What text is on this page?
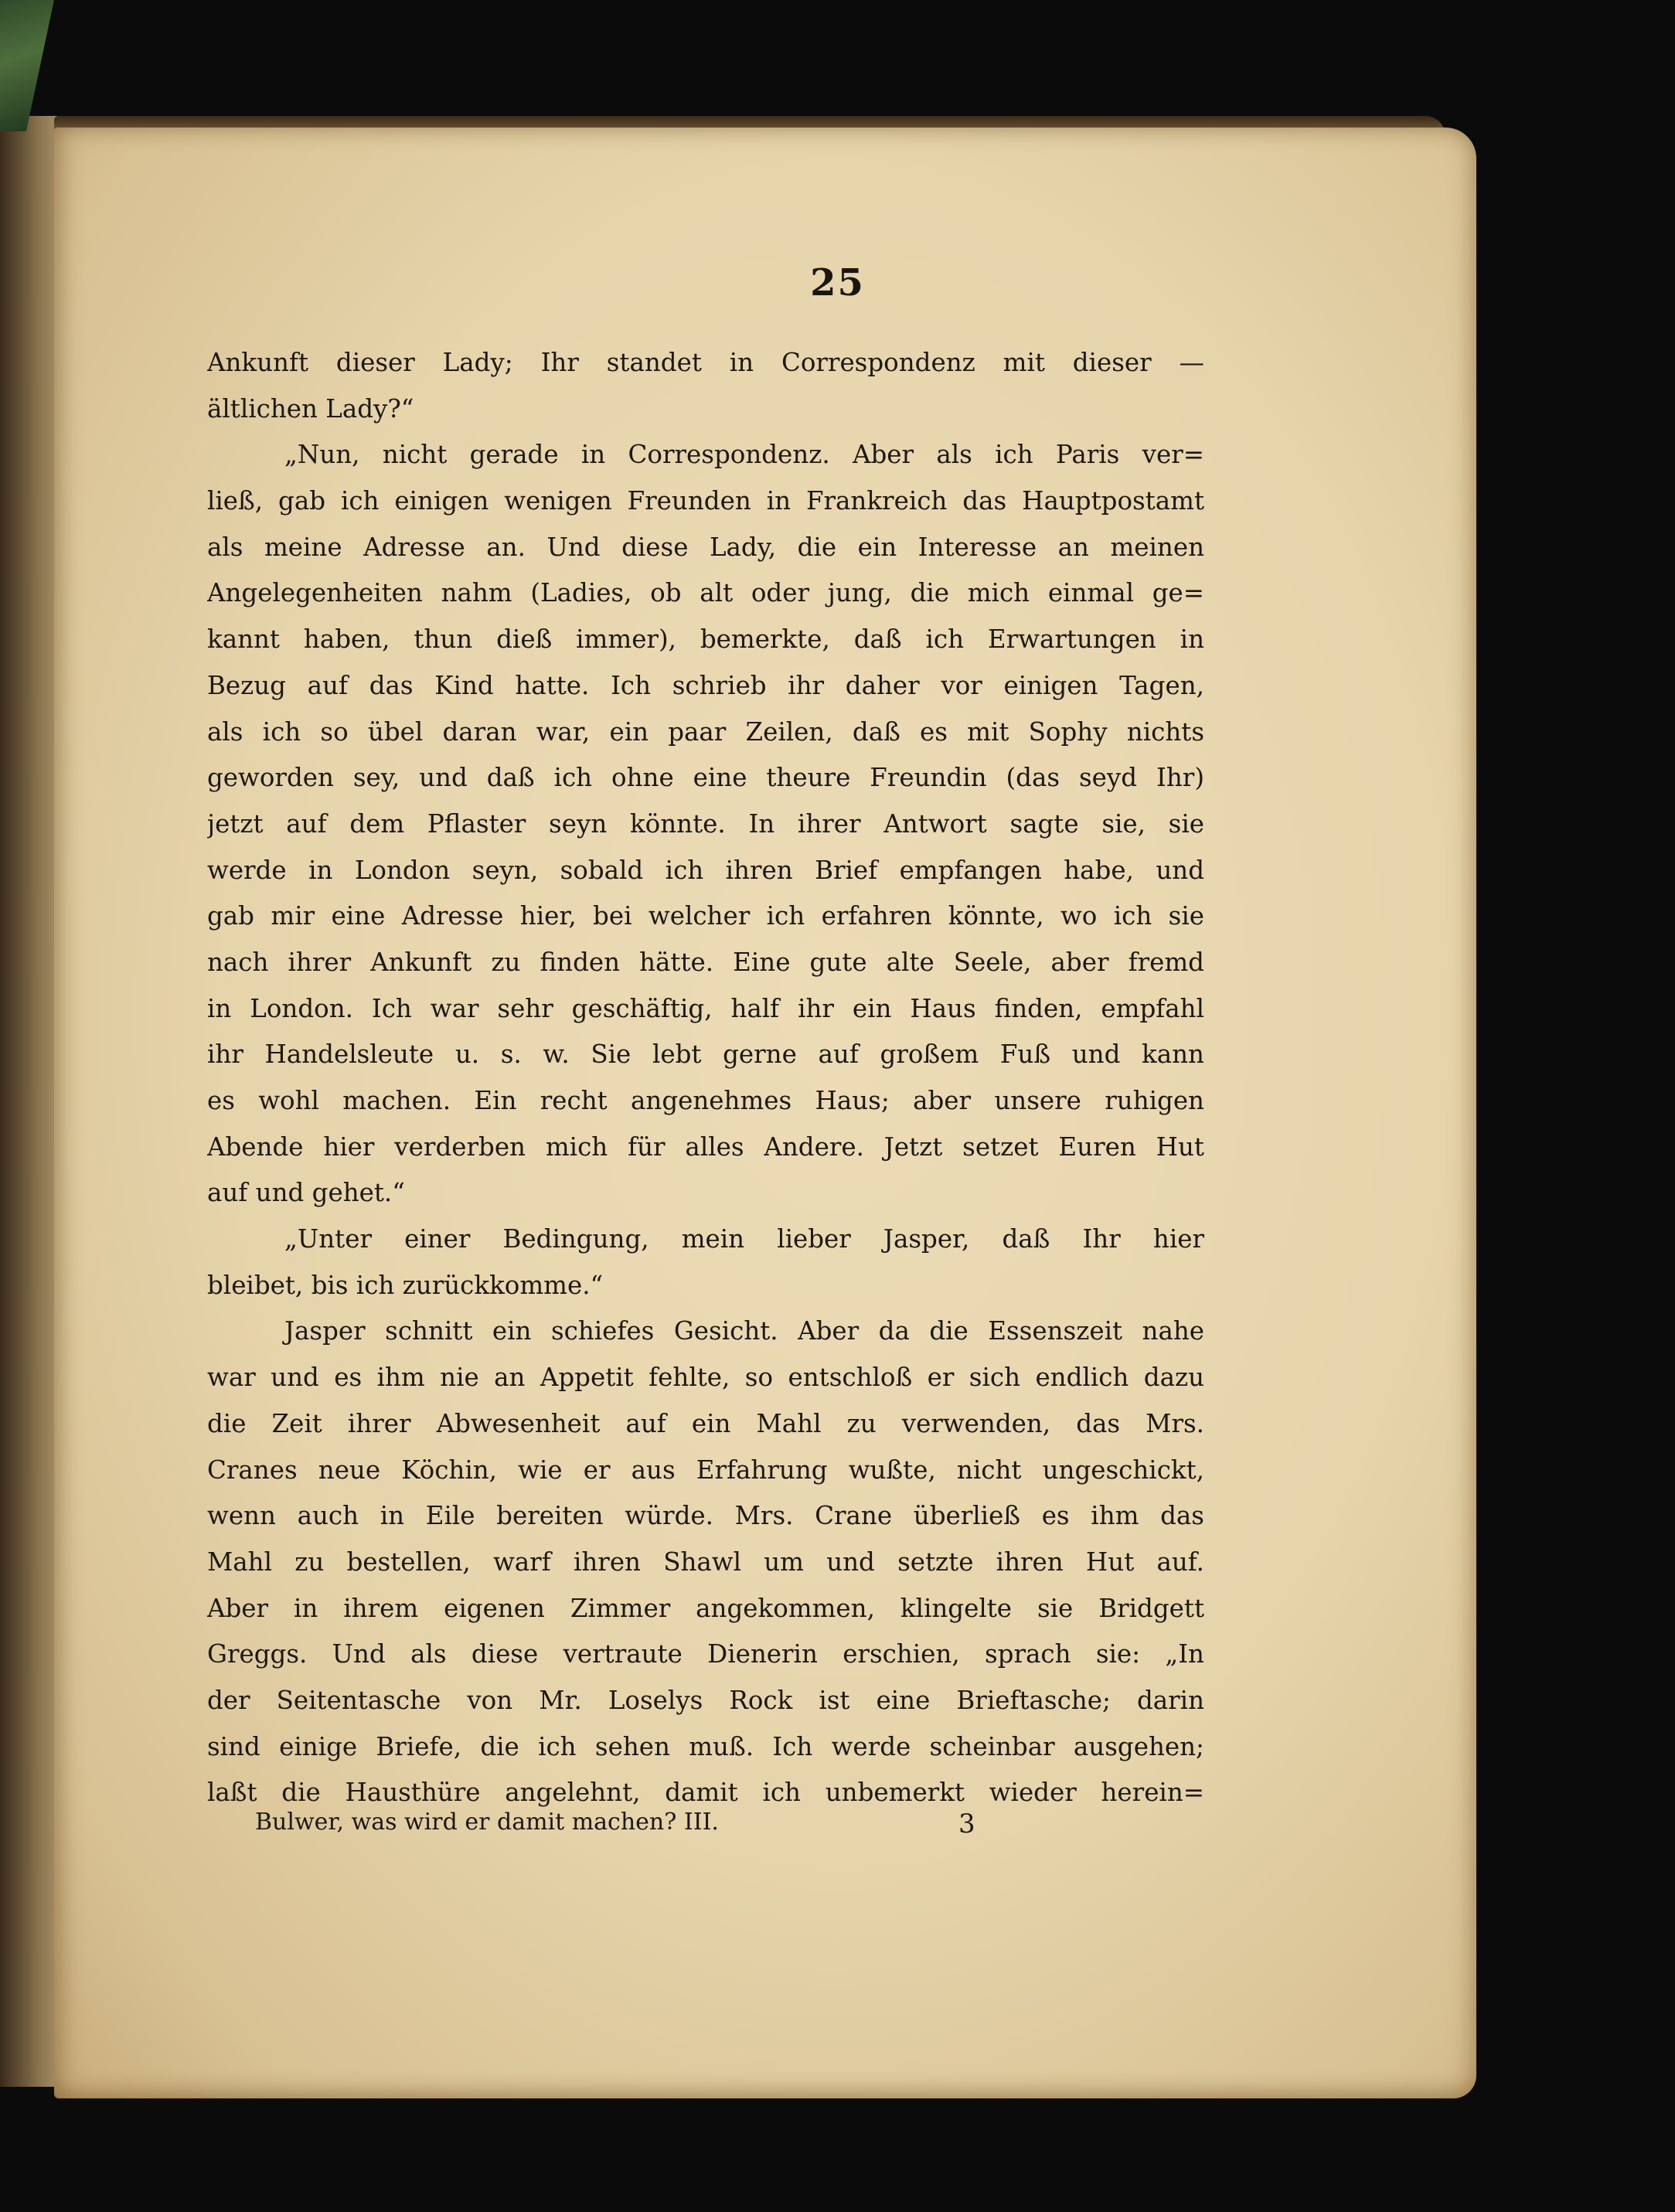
25
Ankunft dieser Lady; Ihr standet in Correspondenz mit dieser —
ältlichen Lady?“
„Nun, nicht gerade in Correspondenz. Aber als ich Paris ver=
ließ, gab ich einigen wenigen Freunden in Frankreich das Hauptpostamt
als meine Adresse an. Und diese Lady, die ein Interesse an meinen
Angelegenheiten nahm (Ladies, ob alt oder jung, die mich einmal ge=
kannt haben, thun dieß immer), bemerkte, daß ich Erwartungen in
Bezug auf das Kind hatte. Ich schrieb ihr daher vor einigen Tagen,
als ich so übel daran war, ein paar Zeilen, daß es mit Sophy nichts
geworden sey, und daß ich ohne eine theure Freundin (das seyd Ihr)
jetzt auf dem Pflaster seyn könnte. In ihrer Antwort sagte sie, sie
werde in London seyn, sobald ich ihren Brief empfangen habe, und
gab mir eine Adresse hier, bei welcher ich erfahren könnte, wo ich sie
nach ihrer Ankunft zu finden hätte. Eine gute alte Seele, aber fremd
in London. Ich war sehr geschäftig, half ihr ein Haus finden, empfahl
ihr Handelsleute u. s. w. Sie lebt gerne auf großem Fuß und kann
es wohl machen. Ein recht angenehmes Haus; aber unsere ruhigen
Abende hier verderben mich für alles Andere. Jetzt setzet Euren Hut
auf und gehet.“
„Unter einer Bedingung, mein lieber Jasper, daß Ihr hier
bleibet, bis ich zurückkomme.“
Jasper schnitt ein schiefes Gesicht. Aber da die Essenszeit nahe
war und es ihm nie an Appetit fehlte, so entschloß er sich endlich dazu
die Zeit ihrer Abwesenheit auf ein Mahl zu verwenden, das Mrs.
Cranes neue Köchin, wie er aus Erfahrung wußte, nicht ungeschickt,
wenn auch in Eile bereiten würde. Mrs. Crane überließ es ihm das
Mahl zu bestellen, warf ihren Shawl um und setzte ihren Hut auf.
Aber in ihrem eigenen Zimmer angekommen, klingelte sie Bridgett
Greggs. Und als diese vertraute Dienerin erschien, sprach sie: „In
der Seitentasche von Mr. Loselys Rock ist eine Brieftasche; darin
sind einige Briefe, die ich sehen muß. Ich werde scheinbar ausgehen;
laßt die Hausthüre angelehnt, damit ich unbemerkt wieder herein=
Bulwer, was wird er damit machen? III.	3
